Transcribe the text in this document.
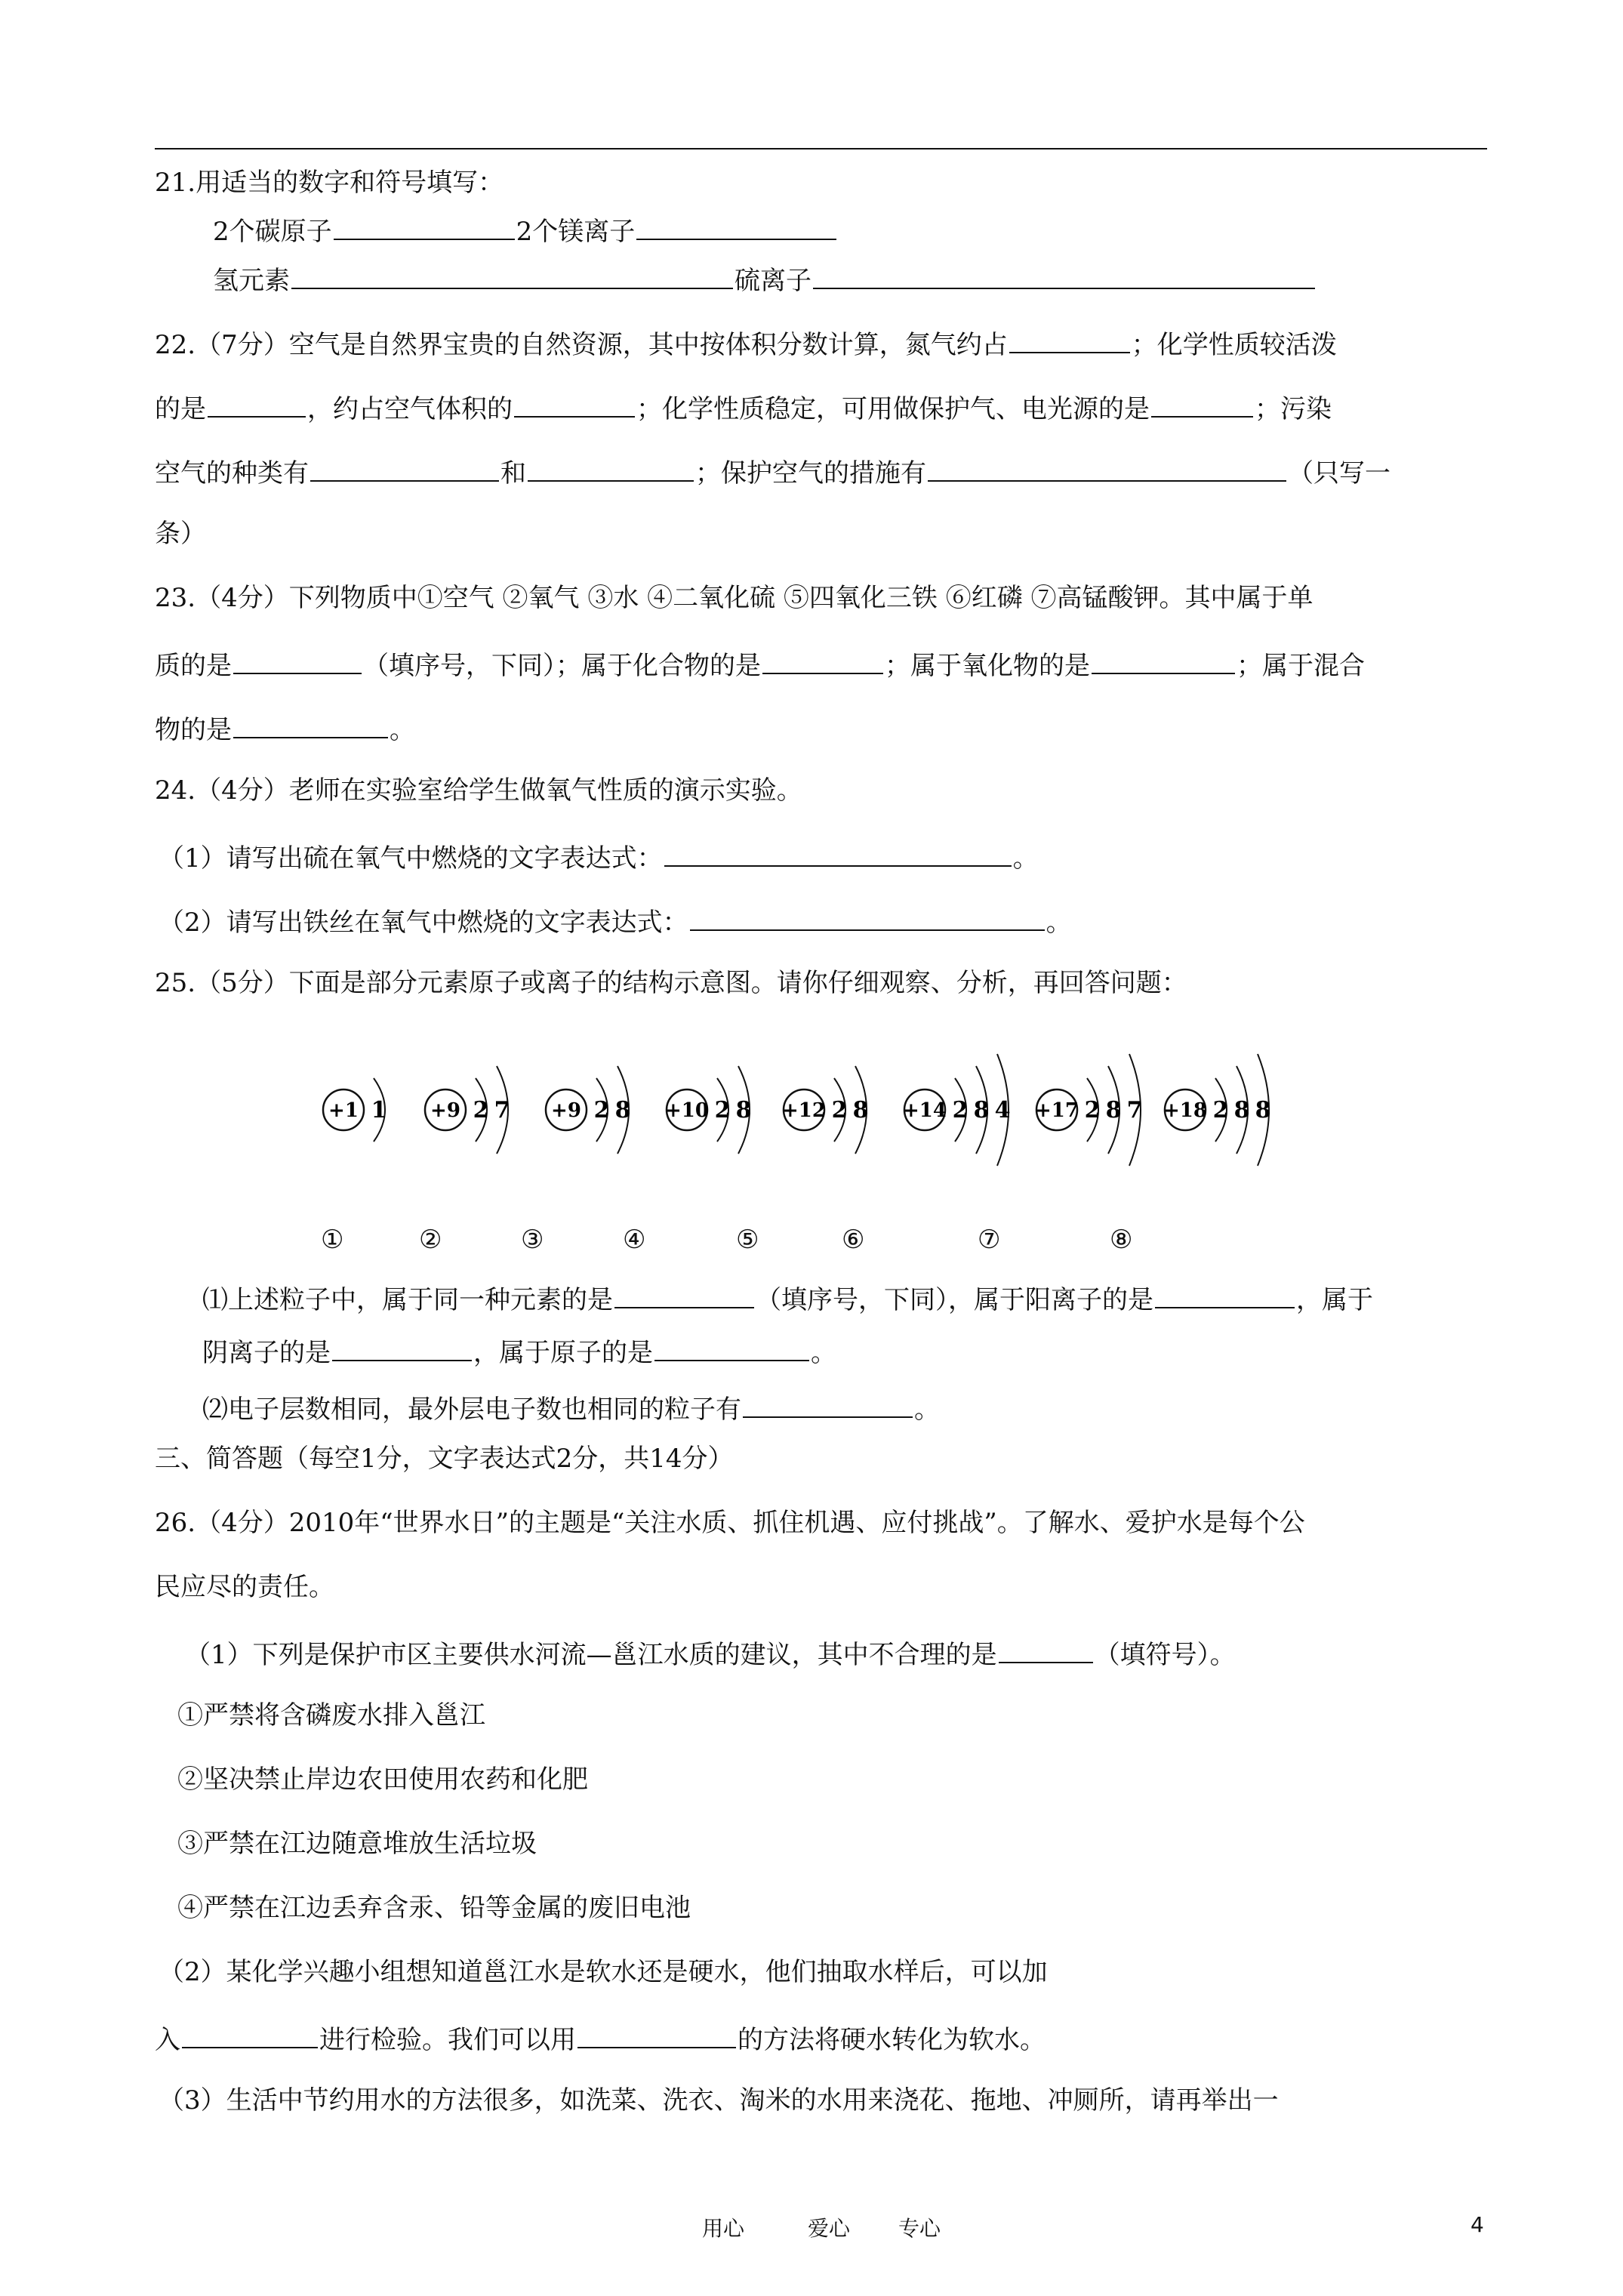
21.用适当的数字和符号填写：
2个碳原子	2个镁离子
氢元素	硫离子
22.（7分）空气是自然界宝贵的自然资源，其中按体积分数计算，氮气约占	；化学性质较活泼
的是	，约占空气体积的	；化学性质稳定，可用做保护气、电光源的是	；污染
空气的种类有	和	；保护空气的措施有	（只写一
条）
23.（4分）下列物质中①空气 ②氧气 ③水 ④二氧化硫 ⑤四氧化三铁 ⑥红磷 ⑦高锰酸钾。其中属于单
质的是	（填序号，下同）；属于化合物的是	；属于氧化物的是	；属于混合
物的是	。
24.（4分）老师在实验室给学生做氧气性质的演示实验。
（1）请写出硫在氧气中燃烧的文字表达式：	。
（2）请写出铁丝在氧气中燃烧的文字表达式：	。
25.（5分）下面是部分元素原子或离子的结构示意图。请你仔细观察、分析，再回答问题：
+1 1 +9 2 7 +9 2 8 +10 2 8 +12 2 8 +14 2 8 4 +17 2 8 7 +18 2 8 8
①	②	③	④	⑤	⑥	⑦	⑧
⑴上述粒子中，属于同一种元素的是	（填序号，下同），属于阳离子的是	，属于
阴离子的是	，属于原子的是	。
⑵电子层数相同，最外层电子数也相同的粒子有	。
三、简答题（每空1分，文字表达式2分，共14分）
26.（4分）2010年“世界水日”的主题是“关注水质、抓住机遇、应付挑战”。了解水、爱护水是每个公
民应尽的责任。
（1）下列是保护市区主要供水河流—邕江水质的建议，其中不合理的是	（填符号）。
①严禁将含磷废水排入邕江
②坚决禁止岸边农田使用农药和化肥
③严禁在江边随意堆放生活垃圾
④严禁在江边丢弃含汞、铅等金属的废旧电池
（2）某化学兴趣小组想知道邕江水是软水还是硬水，他们抽取水样后，可以加
入	进行检验。我们可以用	的方法将硬水转化为软水。
（3）生活中节约用水的方法很多，如洗菜、洗衣、淘米的水用来浇花、拖地、冲厕所，请再举出一
用心	爱心 专心	4
